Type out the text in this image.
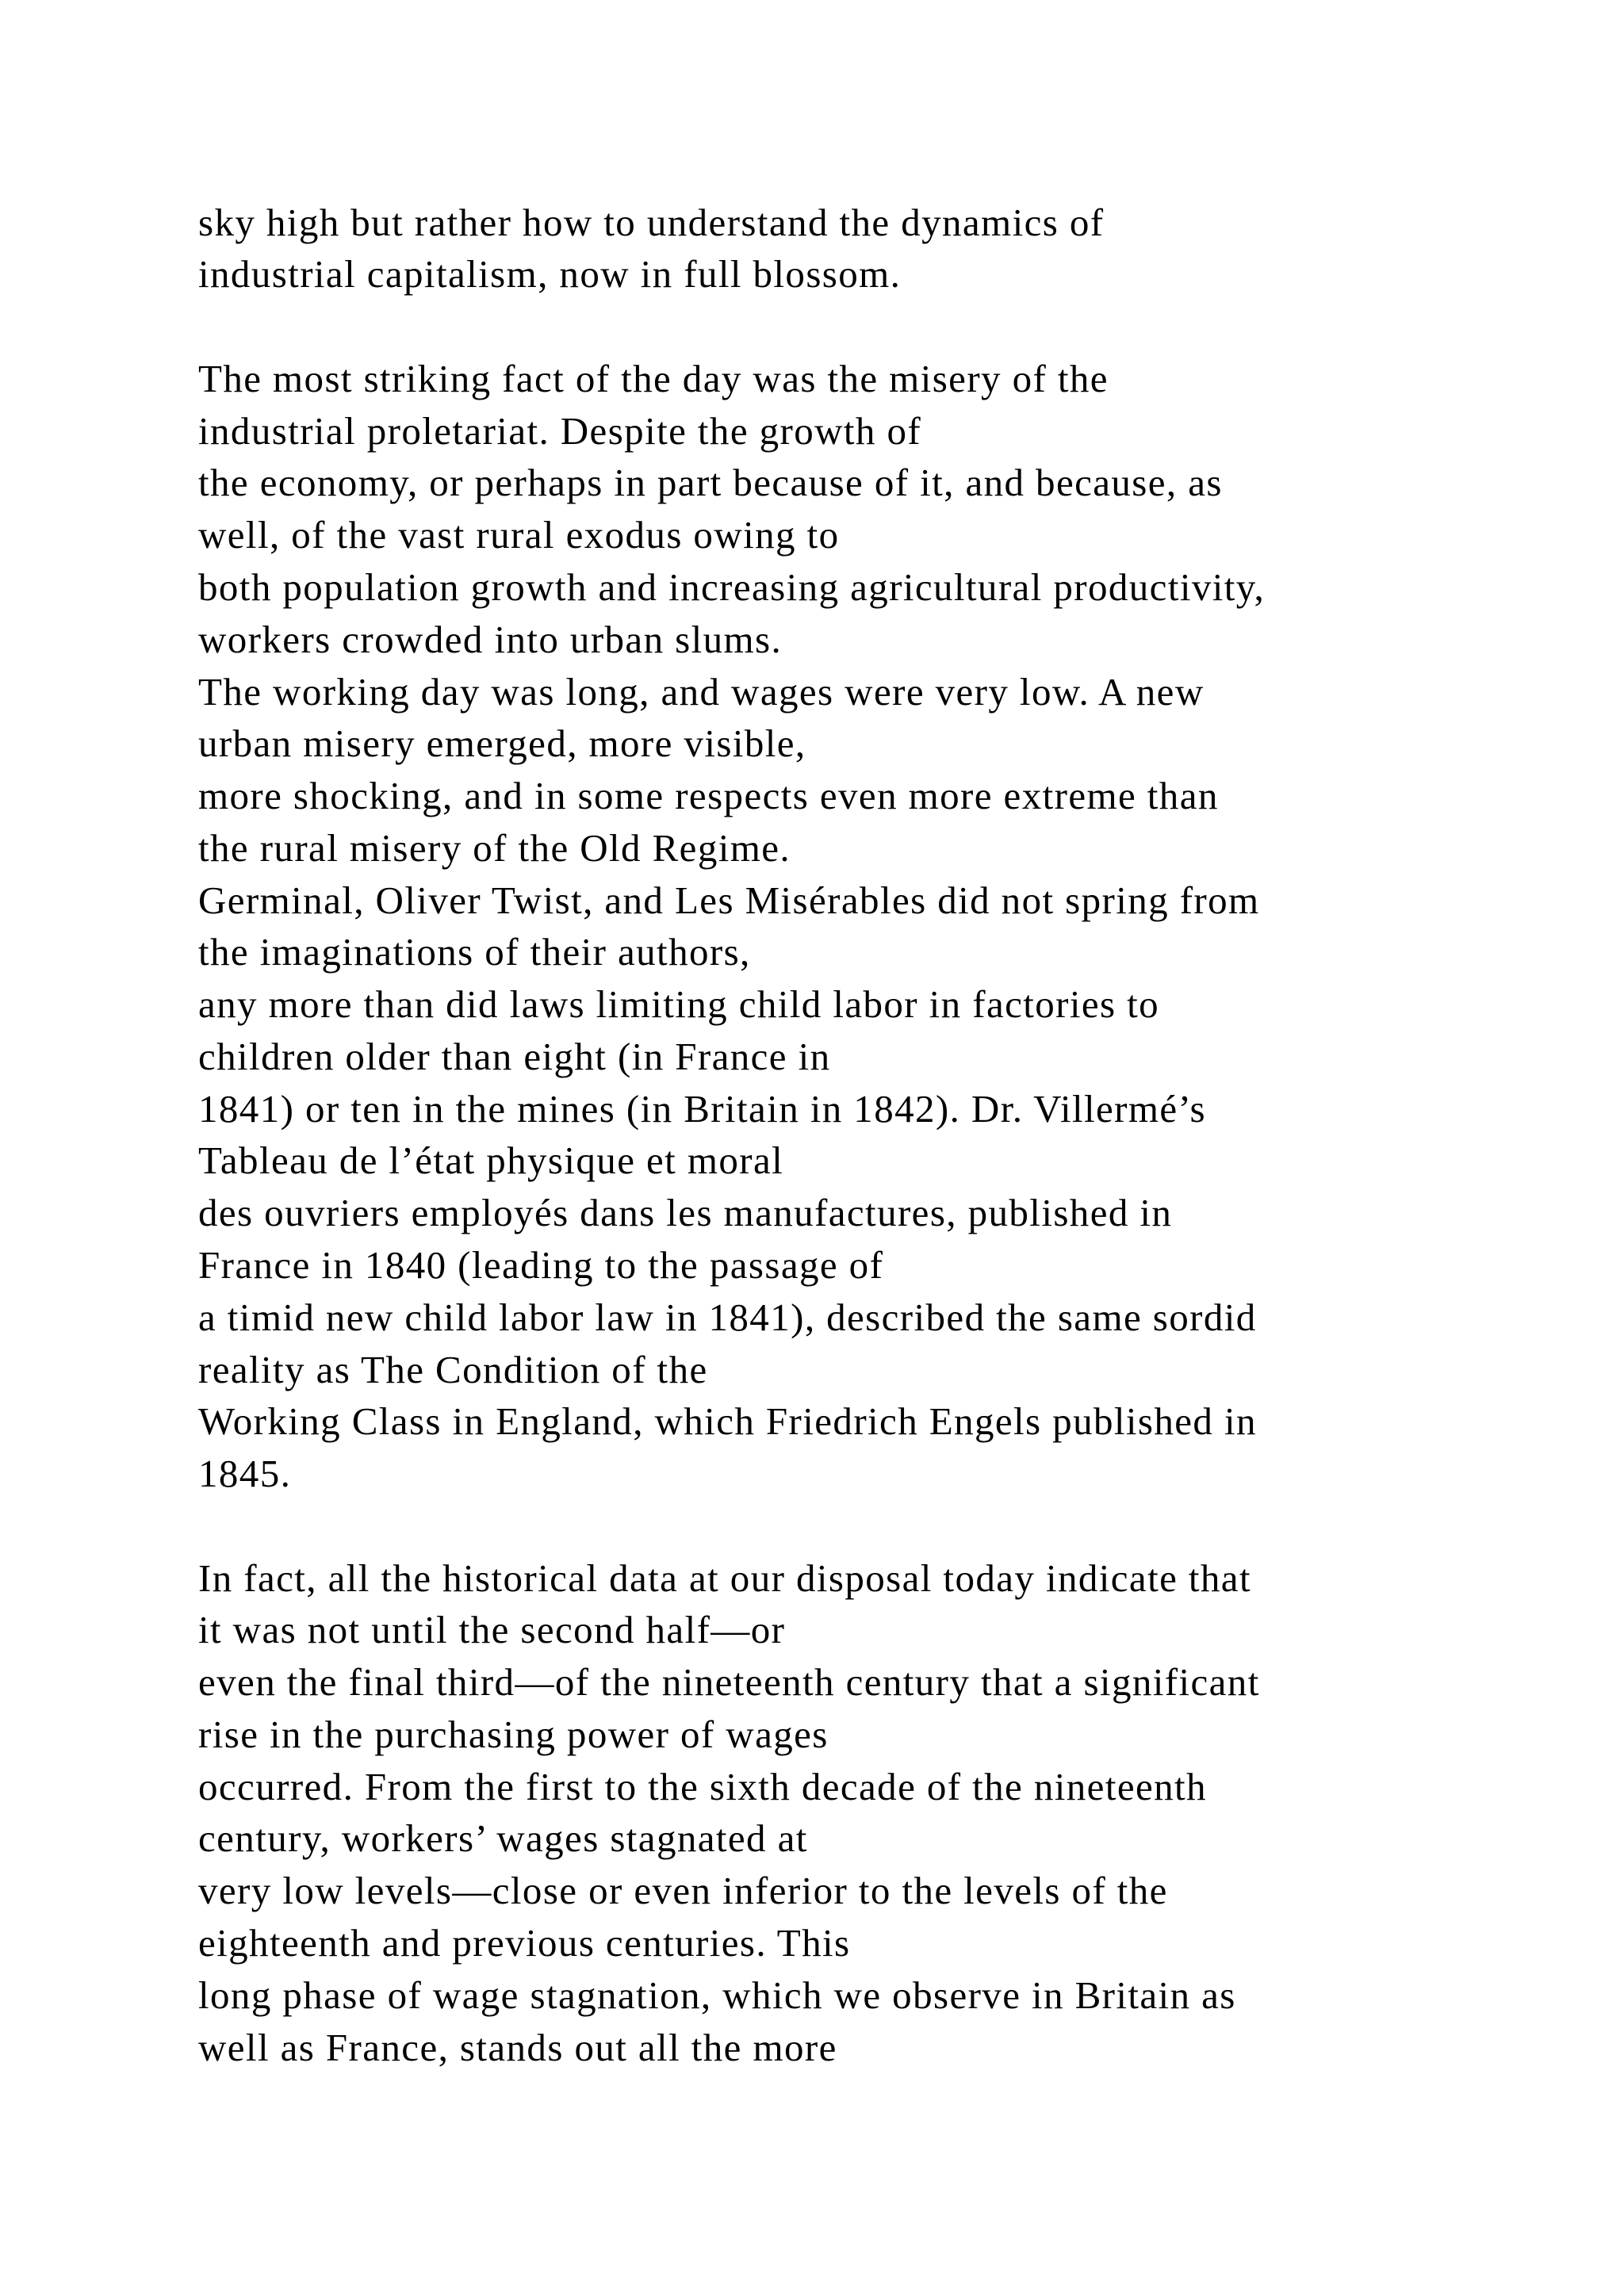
sky high but rather how to understand the dynamics of
industrial capitalism, now in full blossom.
The most striking fact of the day was the misery of the
industrial proletariat. Despite the growth of
the economy, or perhaps in part because of it, and because, as
well, of the vast rural exodus owing to
both population growth and increasing agricultural productivity,
workers crowded into urban slums.
The working day was long, and wages were very low. A new
urban misery emerged, more visible,
more shocking, and in some respects even more extreme than
the rural misery of the Old Regime.
Germinal, Oliver Twist, and Les Misérables did not spring from
the imaginations of their authors,
any more than did laws limiting child labor in factories to
children older than eight (in France in
1841) or ten in the mines (in Britain in 1842). Dr. Villermé’s
Tableau de l’état physique et moral
des ouvriers employés dans les manufactures, published in
France in 1840 (leading to the passage of
a timid new child labor law in 1841), described the same sordid
reality as The Condition of the
Working Class in England, which Friedrich Engels published in
1845.
In fact, all the historical data at our disposal today indicate that
it was not until the second half—or
even the final third—of the nineteenth century that a significant
rise in the purchasing power of wages
occurred. From the first to the sixth decade of the nineteenth
century, workers’ wages stagnated at
very low levels—close or even inferior to the levels of the
eighteenth and previous centuries. This
long phase of wage stagnation, which we observe in Britain as
well as France, stands out all the more
